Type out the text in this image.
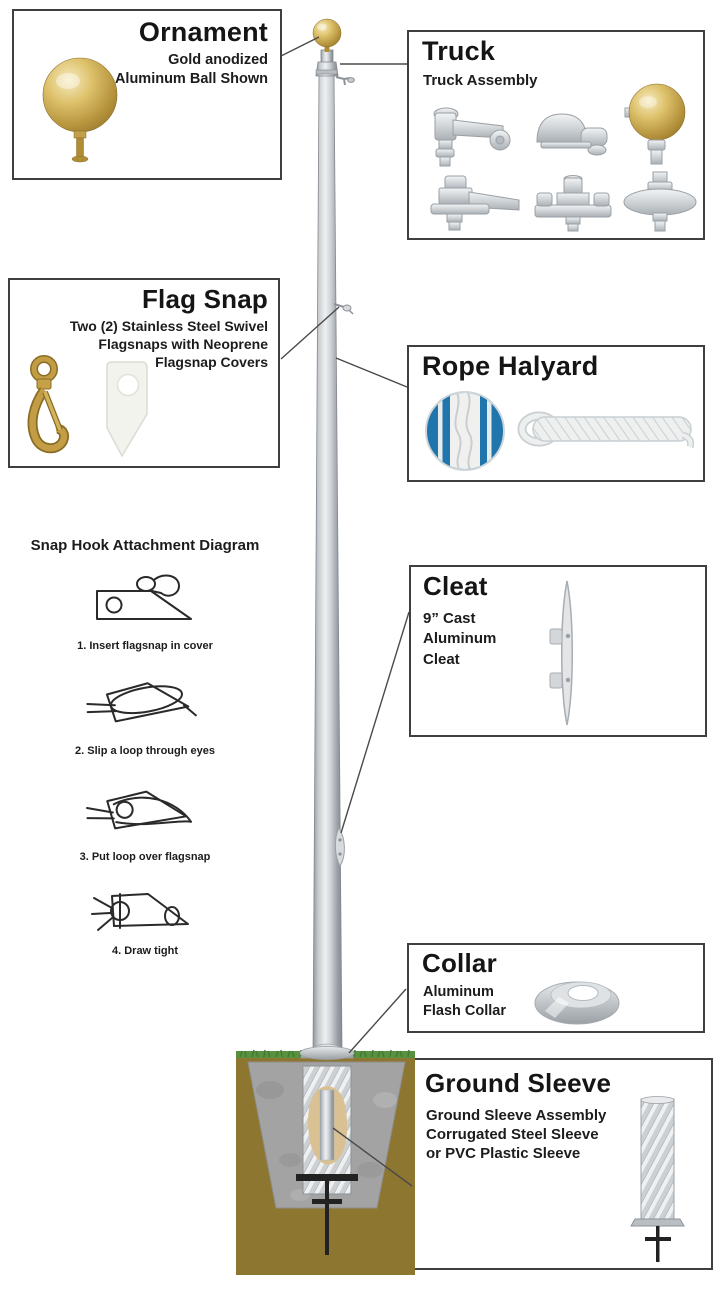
Ornament
Gold anodized
Aluminum Ball Shown
Truck
Truck Assembly
Flag Snap
Two (2) Stainless Steel Swivel
Flagsnaps with Neoprene
Flagsnap Covers	Rope Halyard
Snap Hook Attachment Diagram
1. Insert flagsnap in cover
2. Slip a loop through eyes
3. Put loop over flagsnap
4. Draw tight
Cleat
9” Cast
Aluminum
Cleat
Collar
Aluminum
Flash Collar
Ground Sleeve
Ground Sleeve Assembly
Corrugated Steel Sleeve
or PVC Plastic Sleeve
